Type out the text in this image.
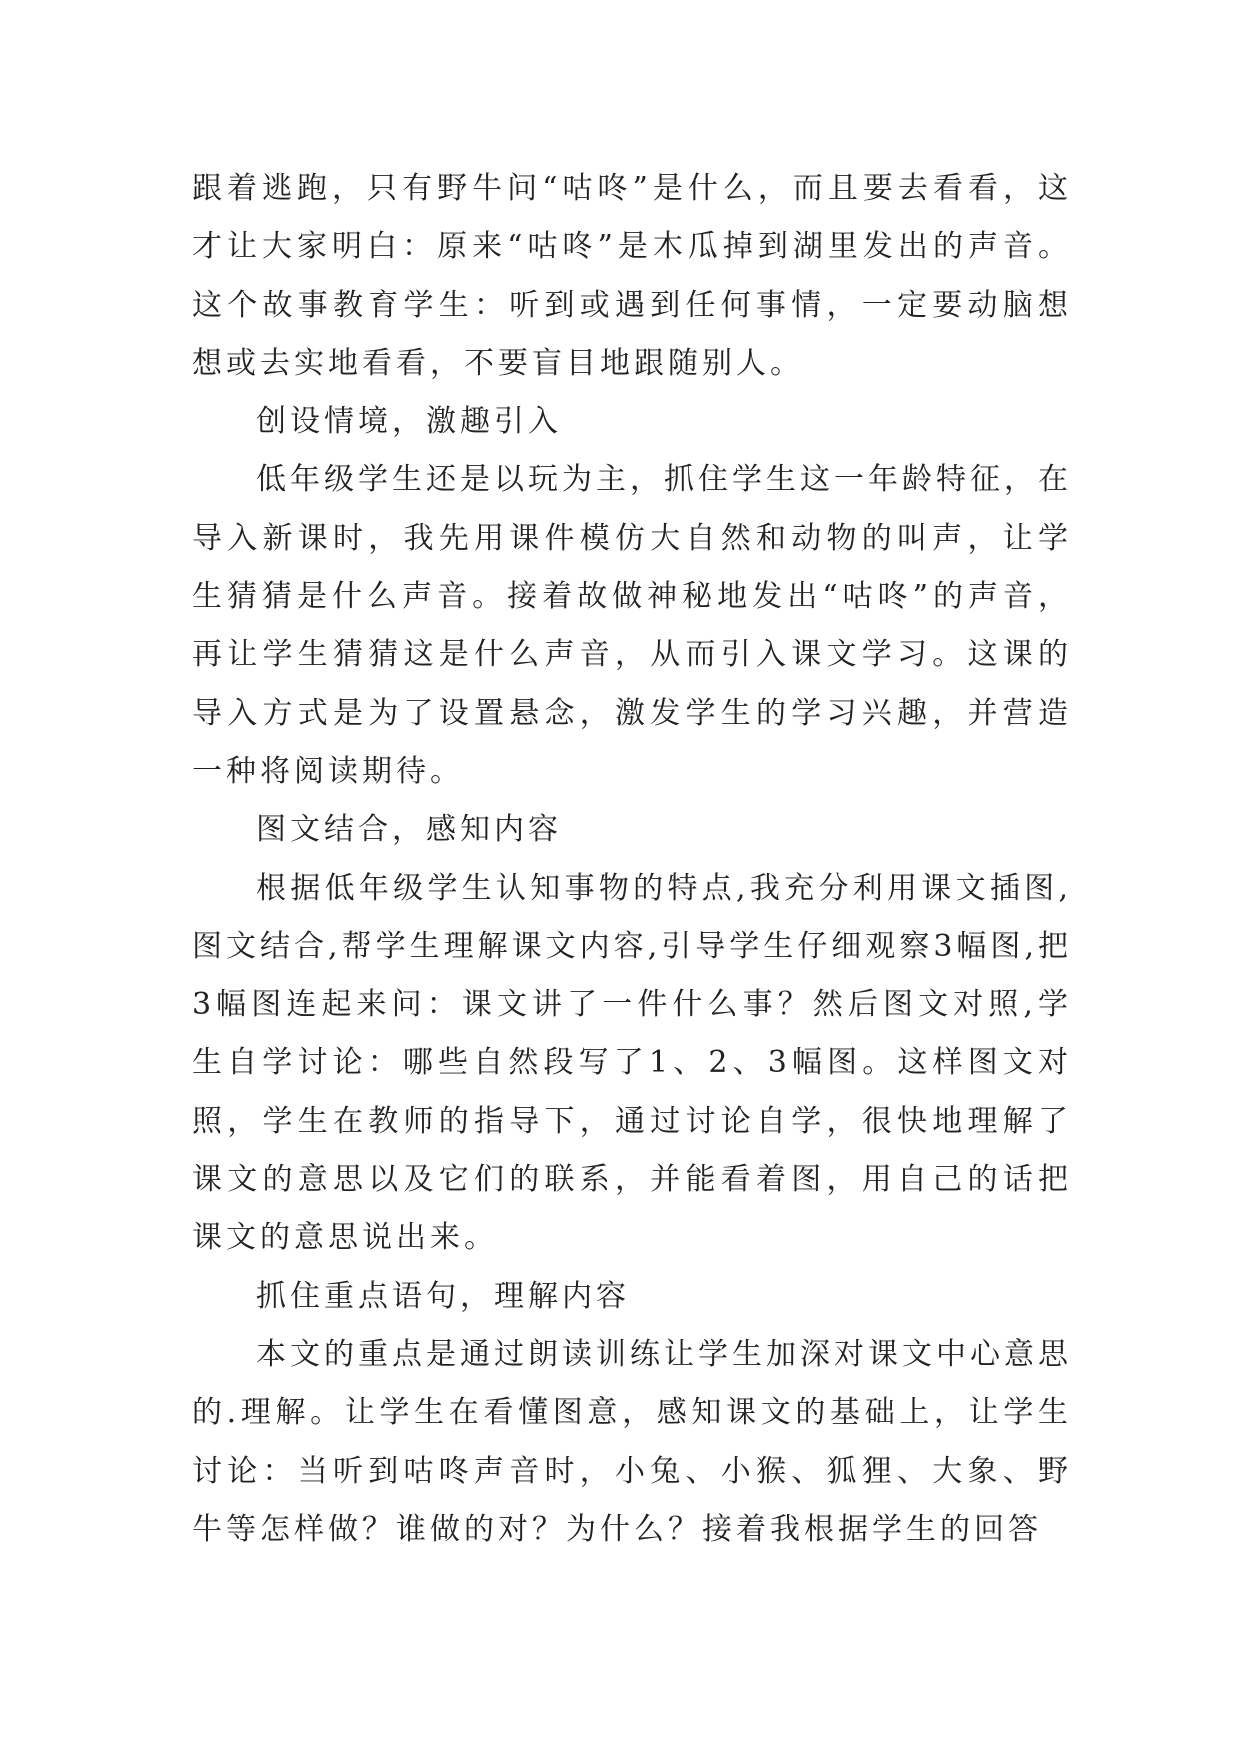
跟着逃跑，只有野牛问“咕咚”是什么，而且要去看看，这才让大家明白：原来“咕咚”是木瓜掉到湖里发出的声音。这个故事教育学生：听到或遇到任何事情，一定要动脑想想或去实地看看，不要盲目地跟随别人。

创设情境，激趣引入

低年级学生还是以玩为主，抓住学生这一年龄特征，在导入新课时，我先用课件模仿大自然和动物的叫声，让学生猜猜是什么声音。接着故做神秘地发出“咕咚”的声音，再让学生猜猜这是什么声音，从而引入课文学习。这课的导入方式是为了设置悬念，激发学生的学习兴趣，并营造一种将阅读期待。

图文结合，感知内容

根据低年级学生认知事物的特点,我充分利用课文插图,图文结合,帮学生理解课文内容,引导学生仔细观察3幅图,把3幅图连起来问：课文讲了一件什么事？然后图文对照,学生自学讨论：哪些自然段写了1、2、3幅图。这样图文对照，学生在教师的指导下，通过讨论自学，很快地理解了课文的意思以及它们的联系，并能看着图，用自己的话把课文的意思说出来。

抓住重点语句，理解内容

本文的重点是通过朗读训练让学生加深对课文中心意思的.理解。让学生在看懂图意，感知课文的基础上，让学生讨论：当听到咕咚声音时，小兔、小猴、狐狸、大象、野牛等怎样做？谁做的对？为什么？接着我根据学生的回答
